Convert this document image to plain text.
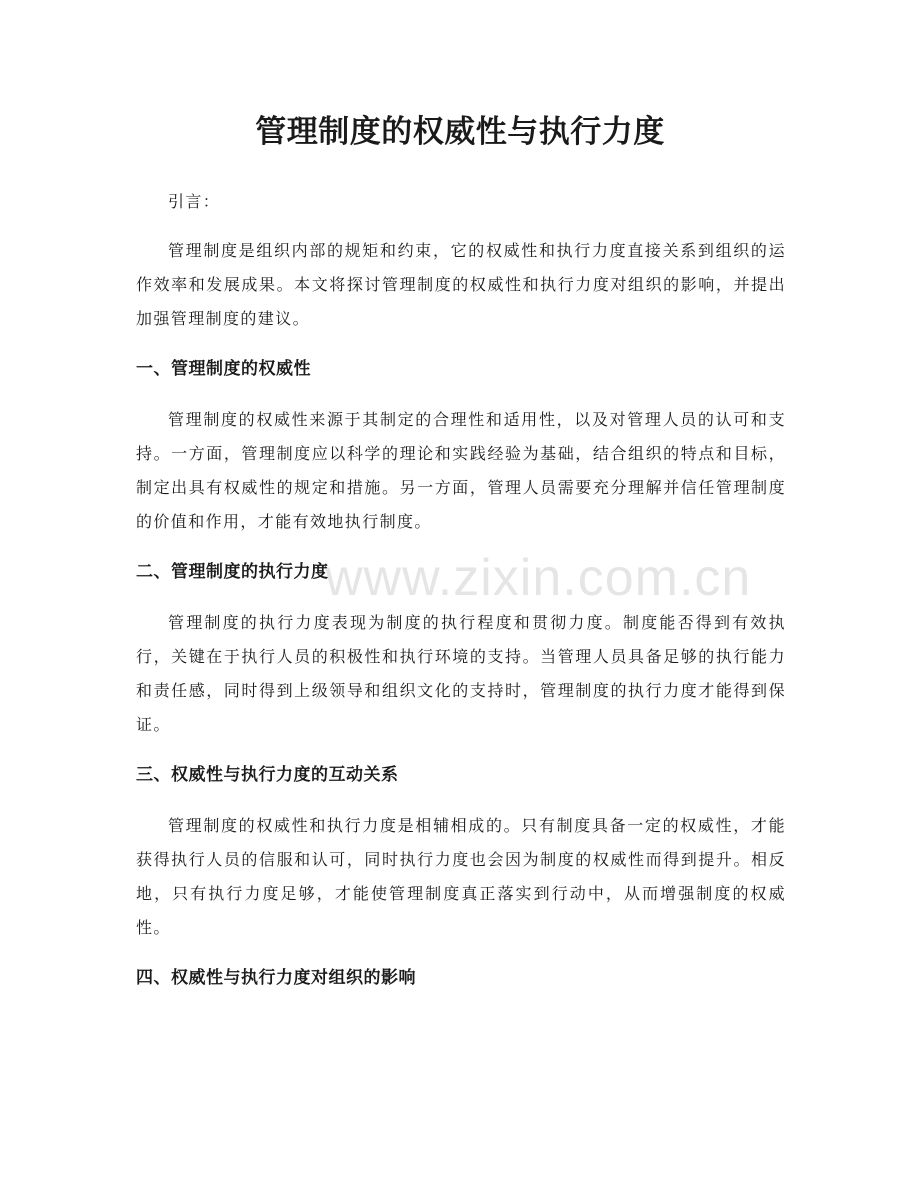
管理制度的权威性与执行力度
www.zixin.com.cn

引言：

管理制度是组织内部的规矩和约束，它的权威性和执行力度直接关系到组织的运作效率和发展成果。本文将探讨管理制度的权威性和执行力度对组织的影响，并提出加强管理制度的建议。

一、管理制度的权威性

管理制度的权威性来源于其制定的合理性和适用性，以及对管理人员的认可和支持。一方面，管理制度应以科学的理论和实践经验为基础，结合组织的特点和目标，制定出具有权威性的规定和措施。另一方面，管理人员需要充分理解并信任管理制度的价值和作用，才能有效地执行制度。

二、管理制度的执行力度

管理制度的执行力度表现为制度的执行程度和贯彻力度。制度能否得到有效执行，关键在于执行人员的积极性和执行环境的支持。当管理人员具备足够的执行能力和责任感，同时得到上级领导和组织文化的支持时，管理制度的执行力度才能得到保证。

三、权威性与执行力度的互动关系

管理制度的权威性和执行力度是相辅相成的。只有制度具备一定的权威性，才能获得执行人员的信服和认可，同时执行力度也会因为制度的权威性而得到提升。相反地，只有执行力度足够，才能使管理制度真正落实到行动中，从而增强制度的权威性。

四、权威性与执行力度对组织的影响
